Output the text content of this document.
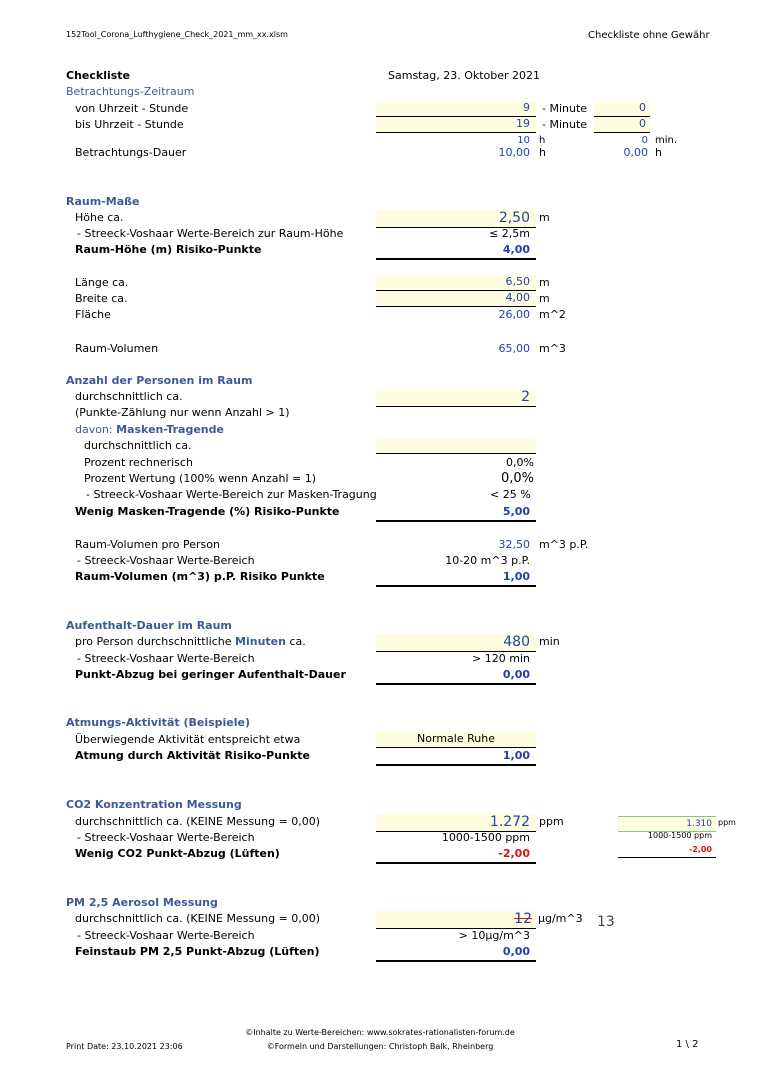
152Tool_Corona_Lufthygiene_Check_2021_mm_xx.xlsm	Checkliste ohne Gewähr
Checkliste	Samstag, 23. Oktober 2021
Betrachtungs-Zeitraum
von Uhrzeit - Stunde	9	- Minute	0
bis Uhrzeit - Stunde	19	- Minute	0
10 h	0 min.
Betrachtungs-Dauer	10,00 h	0,00 h
Raum-Maße
Höhe ca.	2,50 m
- Streeck-Voshaar Werte-Bereich zur Raum-Höhe	≤ 2,5m
Raum-Höhe (m) Risiko-Punkte	4,00
Länge ca.	6,50 m
Breite ca.	4,00 m
Fläche	26,00 m^2
Raum-Volumen	65,00 m^3
Anzahl der Personen im Raum
durchschnittlich ca.	2
(Punkte-Zählung nur wenn Anzahl > 1)
davon: Masken-Tragende
durchschnittlich ca.
Prozent rechnerisch	0,0%
Prozent Wertung (100% wenn Anzahl = 1)	0,0%
- Streeck-Voshaar Werte-Bereich zur Masken-Tragung	< 25 %
Wenig Masken-Tragende (%) Risiko-Punkte	5,00
Raum-Volumen pro Person	32,50 m^3 p.P.
- Streeck-Voshaar Werte-Bereich	10-20 m^3 p.P.
Raum-Volumen (m^3) p.P. Risiko Punkte	1,00
Aufenthalt-Dauer im Raum
pro Person durchschnittliche Minuten ca.	480 min
- Streeck-Voshaar Werte-Bereich	> 120 min
Punkt-Abzug bei geringer Aufenthalt-Dauer	0,00
Atmungs-Aktivität (Beispiele)
Überwiegende Aktivität entspreicht etwa	Normale Ruhe
Atmung durch Aktivität Risiko-Punkte	1,00
CO2 Konzentration Messung
durchschnittlich ca. (KEINE Messung = 0,00)	1.272 ppm
- Streeck-Voshaar Werte-Bereich	1000-1500 ppm
Wenig CO2 Punkt-Abzug (Lüften)	-2,00
1.310 ppm
1000-1500 ppm
-2,00
PM 2,5 Aerosol Messung
durchschnittlich ca. (KEINE Messung = 0,00)	12 µg/m^3 13
- Streeck-Voshaar Werte-Bereich	> 10µg/m^3
Feinstaub PM 2,5 Punkt-Abzug (Lüften)	0,00
Print Date: 23.10.2021 23:06
©Inhalte zu Werte-Bereichen: www.sokrates-rationalisten-forum.de
©Formeln und Darstellungen: Christoph Balk, Rheinberg	1 \ 2
